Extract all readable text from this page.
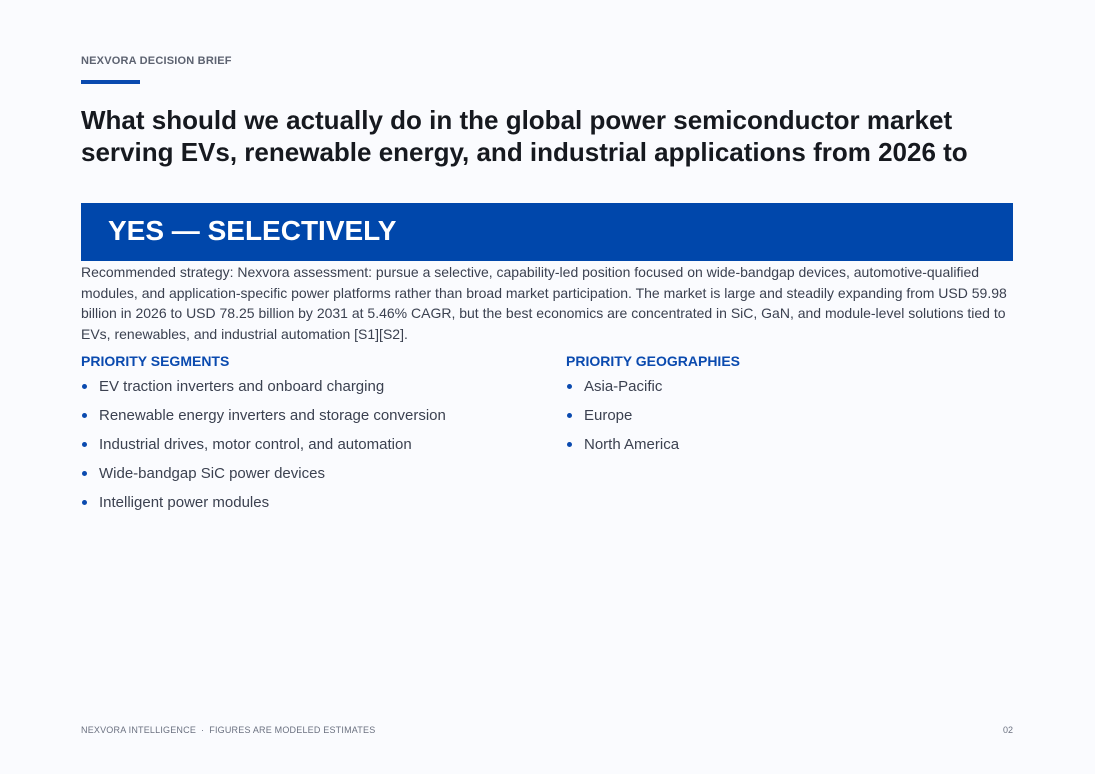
NEXVORA DECISION BRIEF
What should we actually do in the global power semiconductor market serving EVs, renewable energy, and industrial applications from 2026 to
YES — SELECTIVELY

Recommended strategy: Nexvora assessment: pursue a selective, capability-led position focused on wide-bandgap devices, automotive-qualified modules, and application-specific power platforms rather than broad market participation. The market is large and steadily expanding from USD 59.98 billion in 2026 to USD 78.25 billion by 2031 at 5.46% CAGR, but the best economics are concentrated in SiC, GaN, and module-level solutions tied to EVs, renewables, and industrial automation [S1][S2].

PRIORITY SEGMENTS
EV traction inverters and onboard charging
Renewable energy inverters and storage conversion
Industrial drives, motor control, and automation
Wide-bandgap SiC power devices
Intelligent power modules
PRIORITY GEOGRAPHIES
Asia-Pacific
Europe
North America
NEXVORA INTELLIGENCE · FIGURES ARE MODELED ESTIMATES	02
